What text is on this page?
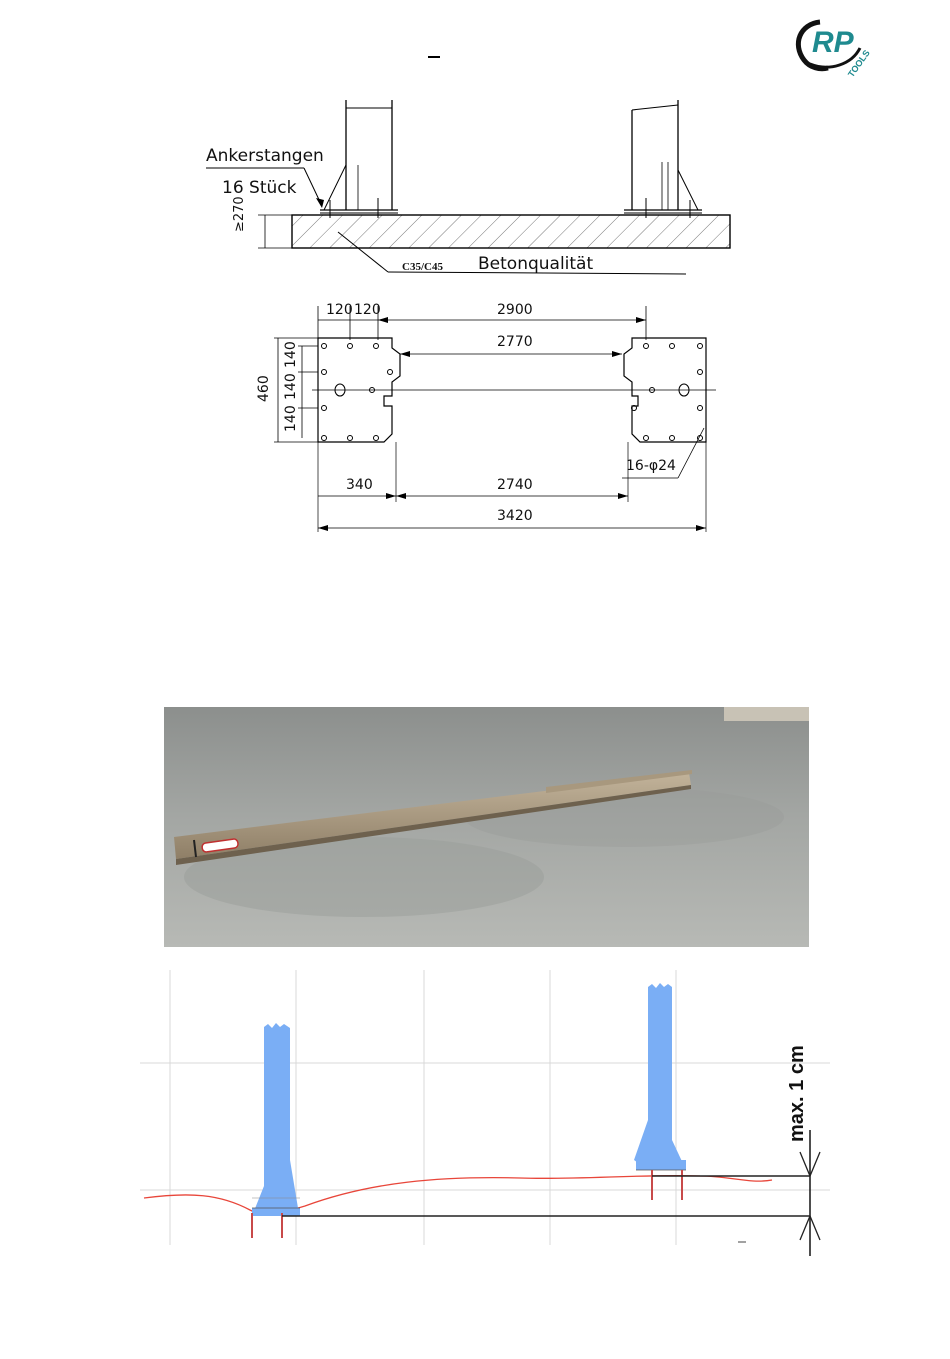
RP
TOOLS
Ankerstangen
16 Stück
≥270
C35/C45 Betonqualität
120 120	2900
2770
460
140
140
140
340	2740
3420
16-φ24
max. 1 cm
